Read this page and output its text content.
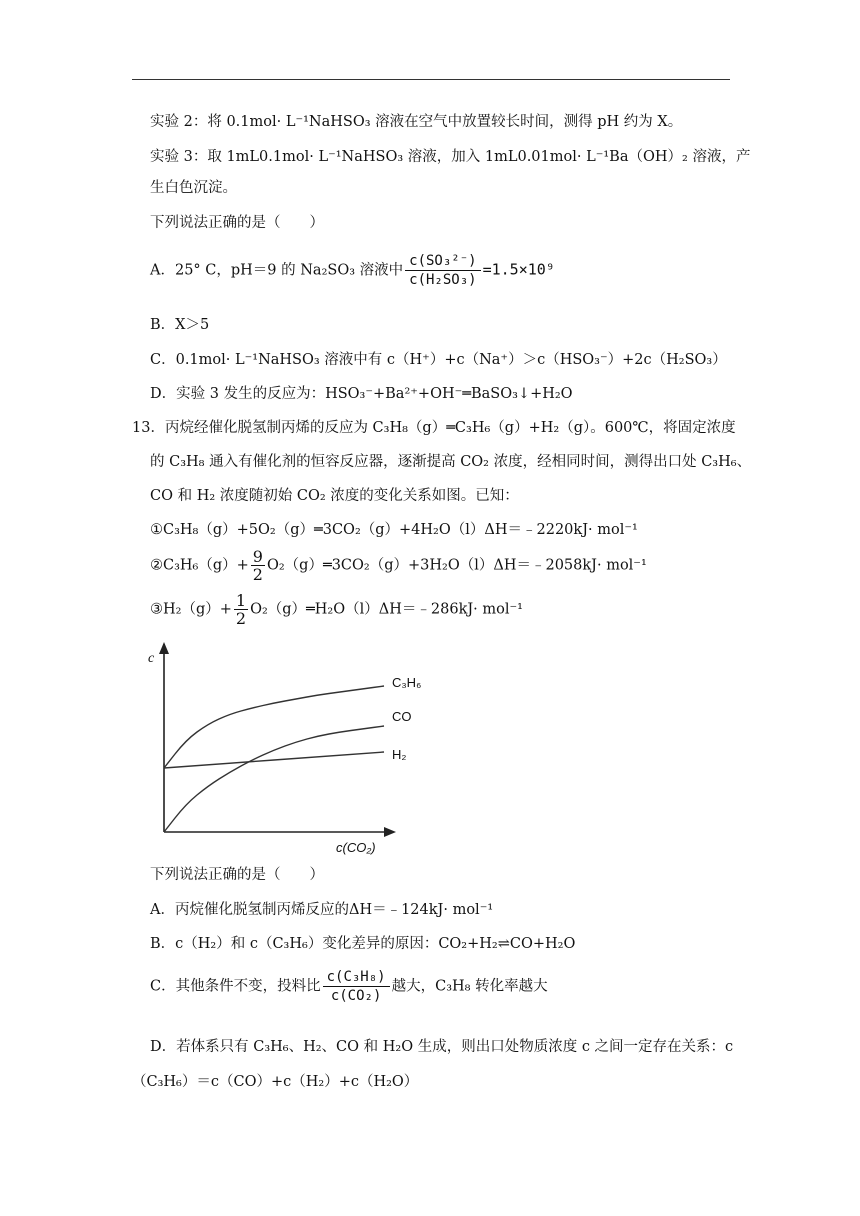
实验 2：将 0.1mol· L⁻¹NaHSO₃ 溶液在空气中放置较长时间，测得 pH 约为 X。
实验 3：取 1mL0.1mol· L⁻¹NaHSO₃ 溶液，加入 1mL0.01mol· L⁻¹Ba（OH）₂ 溶液，产
生白色沉淀。
下列说法正确的是（　　）
A．25° C，pH＝9 的 Na₂SO₃ 溶液中 $\frac{\text{c(SO₃²⁻)}}{\text{c(H₂SO₃)}} =1.5\times 10^9$
B．X＞5
C．0.1mol· L⁻¹NaHSO₃ 溶液中有 c（H⁺）+c（Na⁺）＞c（HSO₃⁻）+2c（H₂SO₃）
D．实验 3 发生的反应为：HSO₃⁻+Ba²⁺+OH⁻═BaSO₃↓+H₂O
13．丙烷经催化脱氢制丙烯的反应为 C₃H₈（g）═C₃H₆（g）+H₂（g）。600℃，将固定浓度
的 C₃H₈ 通入有催化剂的恒容反应器，逐渐提高 CO₂ 浓度，经相同时间，测得出口处 C₃H₆、
CO 和 H₂ 浓度随初始 CO₂ 浓度的变化关系如图。已知：
①C₃H₈（g）+5O₂（g）═3CO₂（g）+4H₂O（l）ΔH＝﹣2220kJ· mol⁻¹
②C₃H₆（g）+ $\frac{9}{2}$ O₂（g）═3CO₂（g）+3H₂O（l）ΔH＝﹣2058kJ· mol⁻¹
③H₂（g）+ $\frac{1}{2}$ O₂（g）═H₂O（l）ΔH＝﹣286kJ· mol⁻¹
C₃H₆
CO
H₂
c
c(CO₂)
下列说法正确的是（　　）
A．丙烷催化脱氢制丙烯反应的ΔH＝﹣124kJ· mol⁻¹
B．c（H₂）和 c（C₃H₆）变化差异的原因：CO₂+H₂⇌CO+H₂O
C．其他条件不变，投料比 $\frac{\text{c(C₃H₈)}}{\text{c(CO₂)}}$ 越大，C₃H₈ 转化率越大
D．若体系只有 C₃H₆、H₂、CO 和 H₂O 生成，则出口处物质浓度 c 之间一定存在关系：c
（C₃H₆）＝c（CO）+c（H₂）+c（H₂O）
